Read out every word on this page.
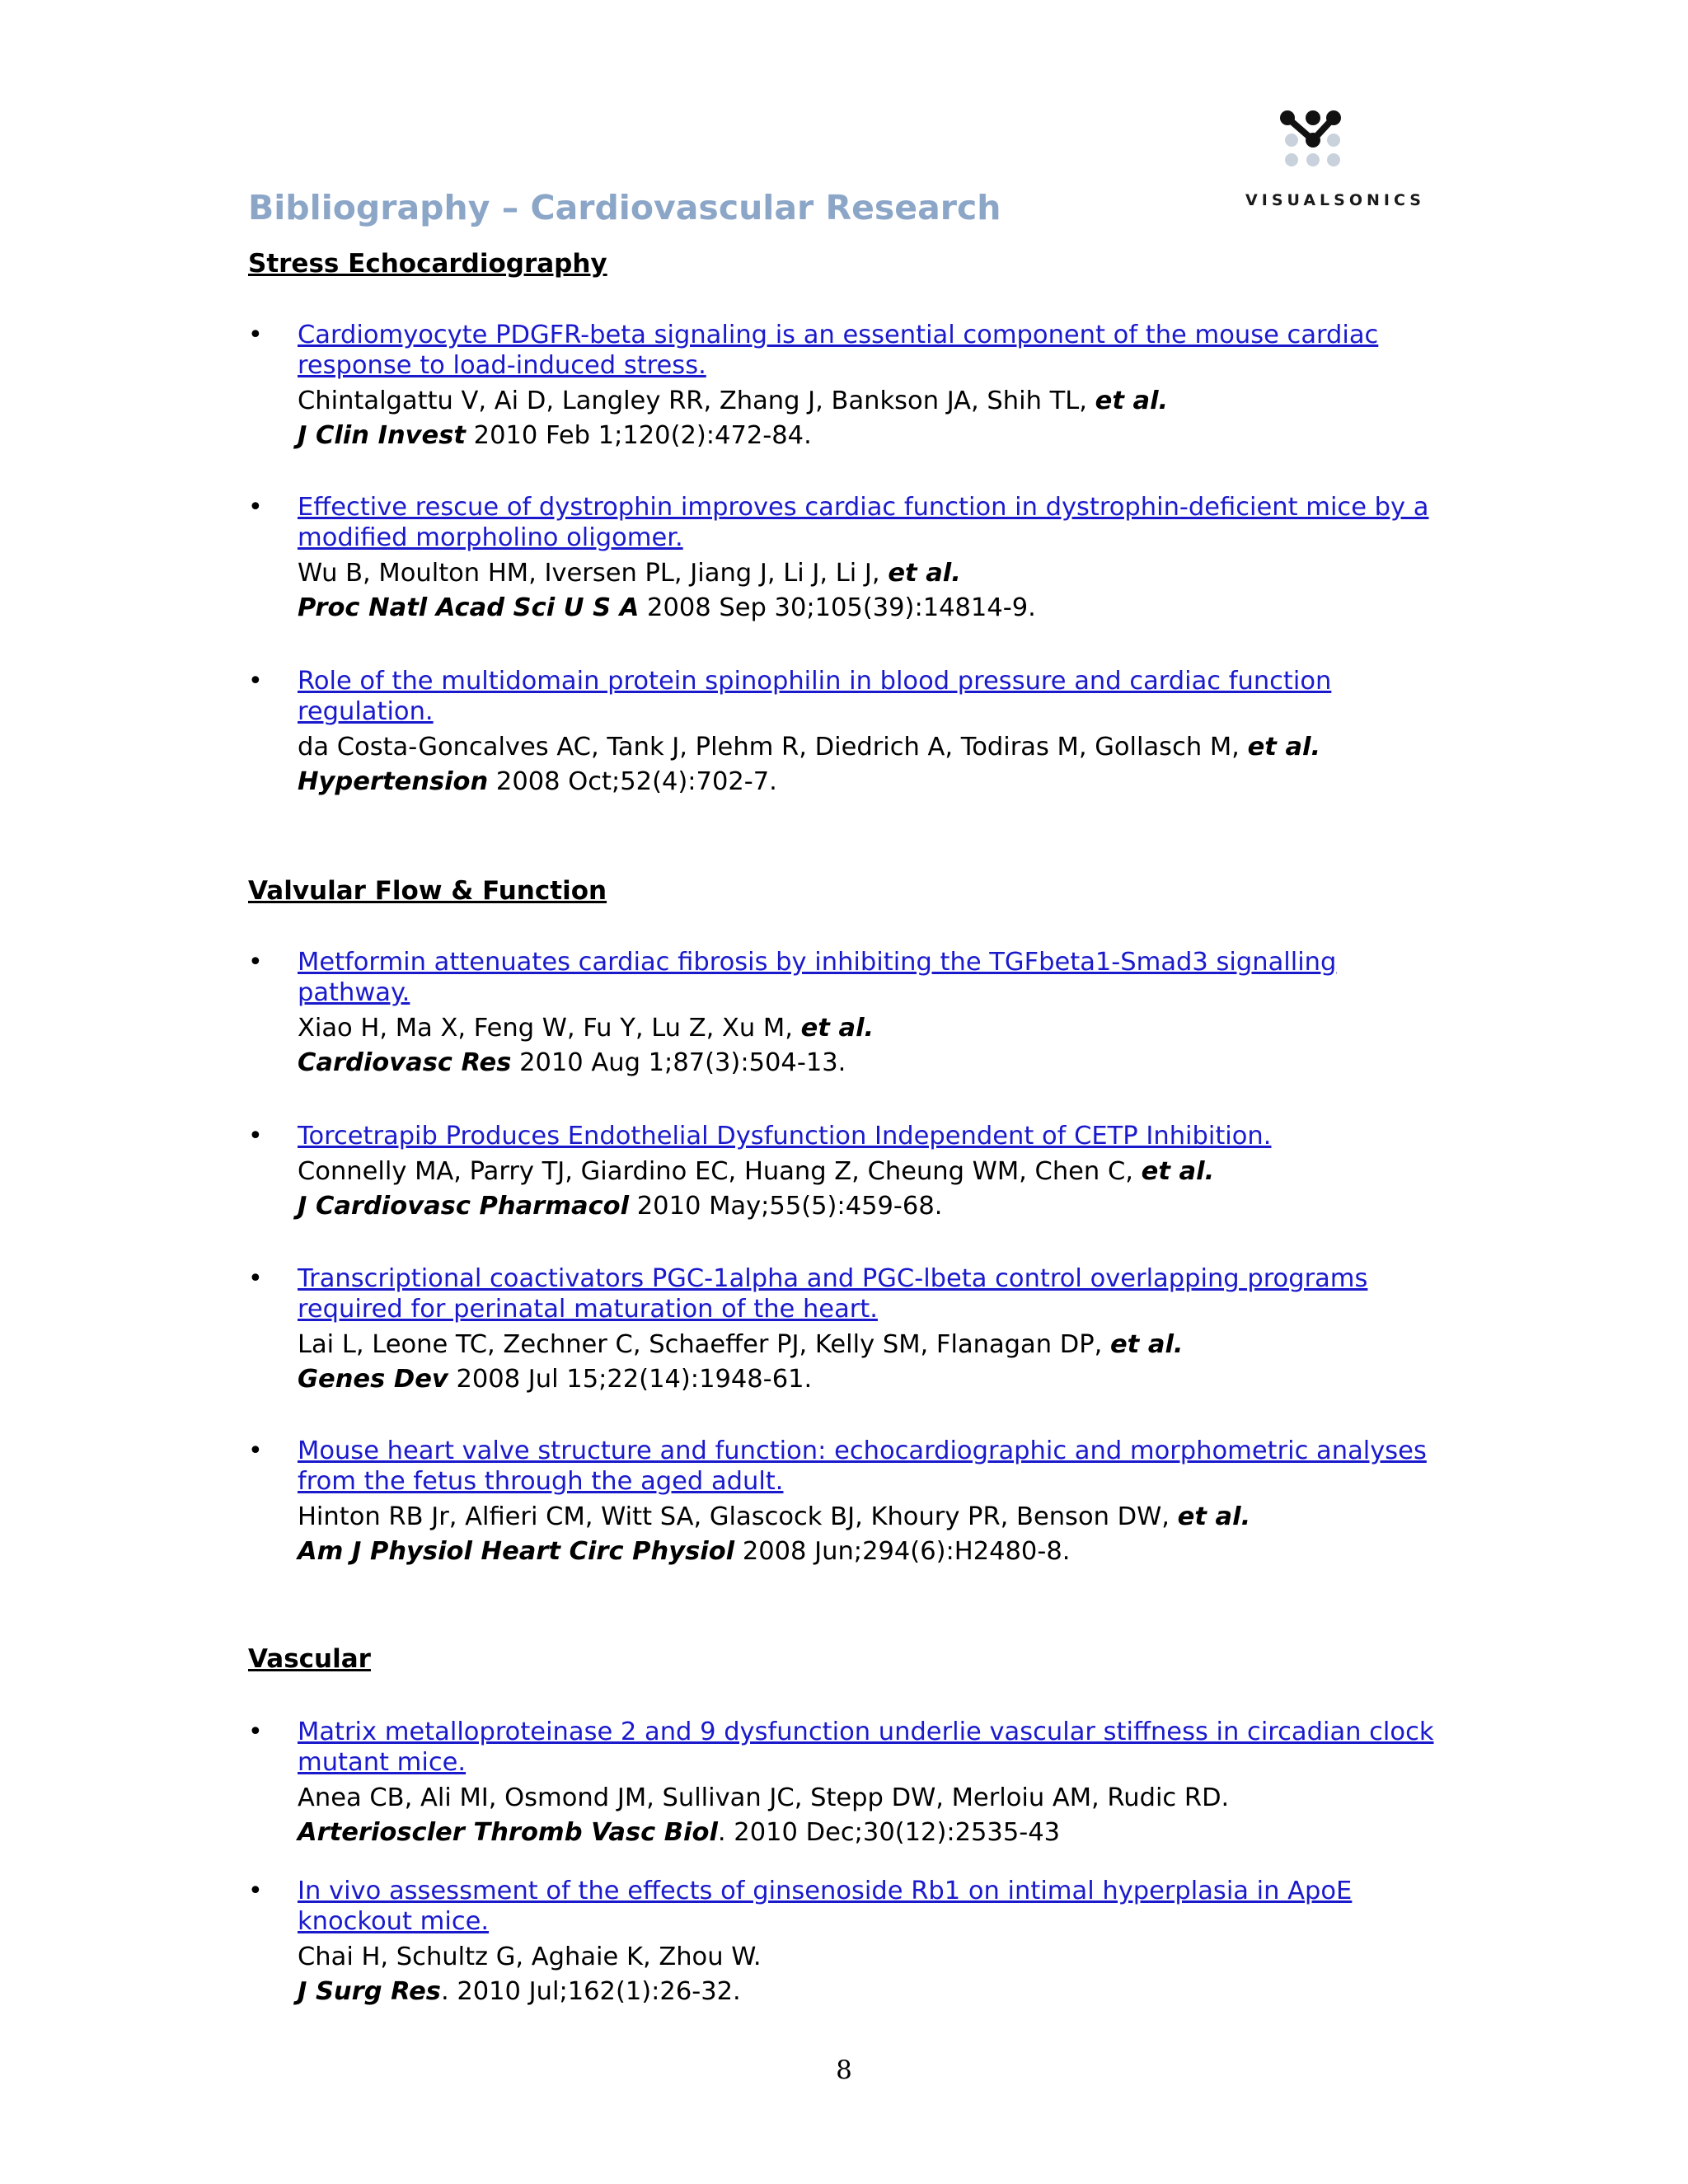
VISUALSONICS
Bibliography – Cardiovascular Research
Stress Echocardiography
• Cardiomyocyte PDGFR-beta signaling is an essential component of the mouse cardiac response to load-induced stress.
Chintalgattu V, Ai D, Langley RR, Zhang J, Bankson JA, Shih TL, et al.
J Clin Invest 2010 Feb 1;120(2):472-84.
• Effective rescue of dystrophin improves cardiac function in dystrophin-deficient mice by a modified morpholino oligomer.
Wu B, Moulton HM, Iversen PL, Jiang J, Li J, Li J, et al.
Proc Natl Acad Sci U S A 2008 Sep 30;105(39):14814-9.
• Role of the multidomain protein spinophilin in blood pressure and cardiac function regulation.
da Costa-Goncalves AC, Tank J, Plehm R, Diedrich A, Todiras M, Gollasch M, et al.
Hypertension 2008 Oct;52(4):702-7.
Valvular Flow & Function
• Metformin attenuates cardiac fibrosis by inhibiting the TGFbeta1-Smad3 signalling pathway.
Xiao H, Ma X, Feng W, Fu Y, Lu Z, Xu M, et al.
Cardiovasc Res 2010 Aug 1;87(3):504-13.
• Torcetrapib Produces Endothelial Dysfunction Independent of CETP Inhibition.
Connelly MA, Parry TJ, Giardino EC, Huang Z, Cheung WM, Chen C, et al.
J Cardiovasc Pharmacol 2010 May;55(5):459-68.
• Transcriptional coactivators PGC-1alpha and PGC-lbeta control overlapping programs required for perinatal maturation of the heart.
Lai L, Leone TC, Zechner C, Schaeffer PJ, Kelly SM, Flanagan DP, et al.
Genes Dev 2008 Jul 15;22(14):1948-61.
• Mouse heart valve structure and function: echocardiographic and morphometric analyses from the fetus through the aged adult.
Hinton RB Jr, Alfieri CM, Witt SA, Glascock BJ, Khoury PR, Benson DW, et al.
Am J Physiol Heart Circ Physiol 2008 Jun;294(6):H2480-8.
Vascular
• Matrix metalloproteinase 2 and 9 dysfunction underlie vascular stiffness in circadian clock mutant mice.
Anea CB, Ali MI, Osmond JM, Sullivan JC, Stepp DW, Merloiu AM, Rudic RD.
Arterioscler Thromb Vasc Biol. 2010 Dec;30(12):2535-43
• In vivo assessment of the effects of ginsenoside Rb1 on intimal hyperplasia in ApoE knockout mice.
Chai H, Schultz G, Aghaie K, Zhou W.
J Surg Res. 2010 Jul;162(1):26-32.
8
